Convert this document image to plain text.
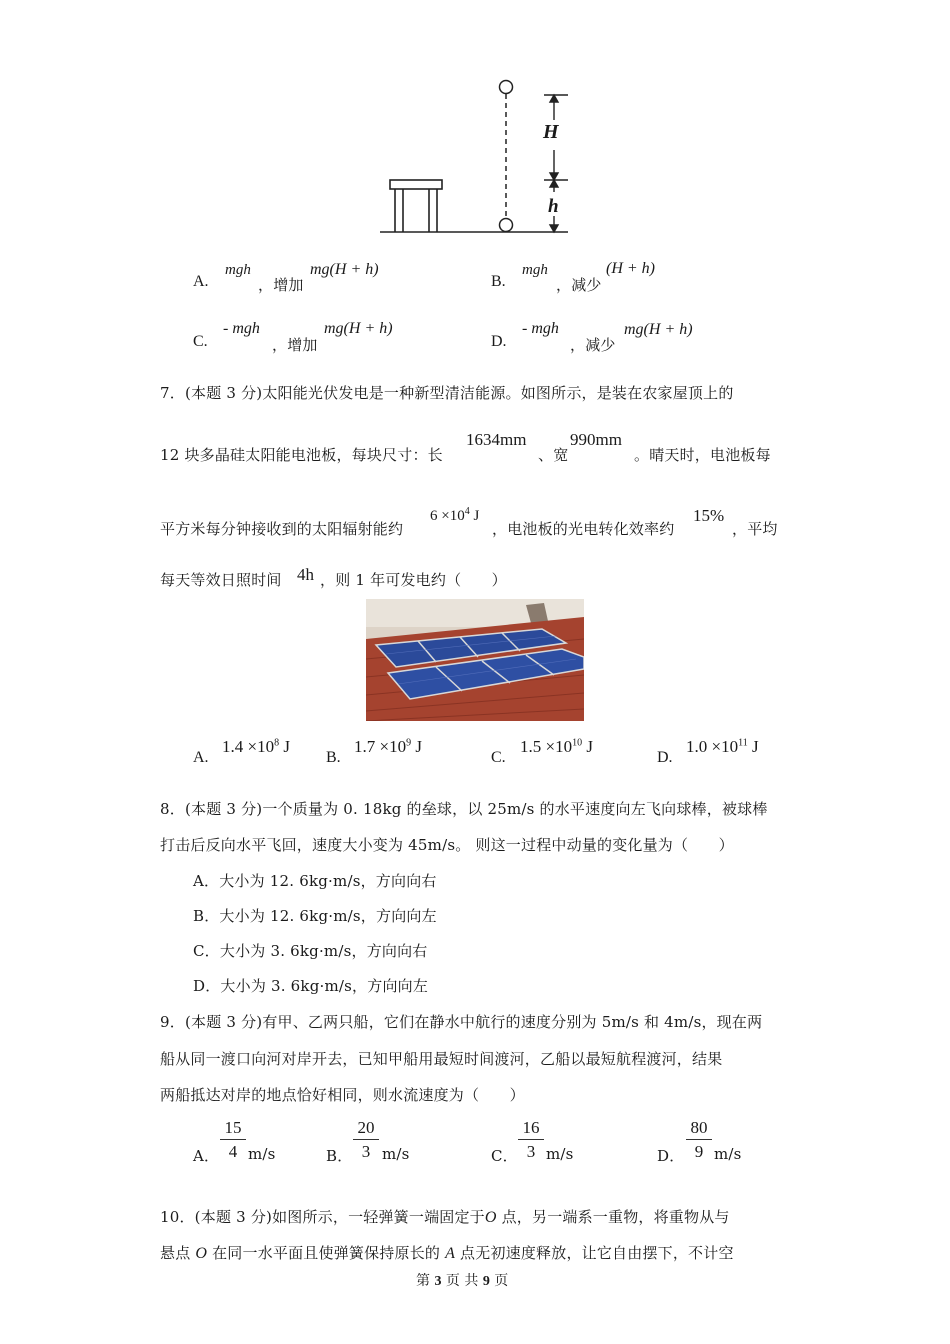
H
h
A.
mgh
，增加
mg(H + h)
B.
mgh
，减少
(H + h)
C.
- mgh
，增加
mg(H + h)
D.
- mgh
，减少
mg(H + h)
7．(本题 3 分)太阳能光伏发电是一种新型清洁能源。如图所示，是装在农家屋顶上的
12 块多晶硅太阳能电池板，每块尺寸：长
1634mm
、宽
990mm
。晴天时，电池板每
平方米每分钟接收到的太阳辐射能约
$6 \times 10^4$ J
，电池板的光电转化效率约
15%
，平均
每天等效日照时间 4h ，则 1 年可发电约（　　）
A.
$1.4 \times 10^8$ J
B.
$1.7 \times 10^9$ J
C.
$1.5 \times 10^{10}$ J
D.
$1.0 \times 10^{11}$ J
8．(本题 3 分)一个质量为 0. 18kg 的垒球，以 25m/s 的水平速度向左飞向球棒，被球棒
打击后反向水平飞回，速度大小变为 45m/s。 则这一过程中动量的变化量为（　　）
A．大小为 12. 6kg·m/s，方向向右
B．大小为 12. 6kg·m/s，方向向左
C．大小为 3. 6kg·m/s，方向向右
D．大小为 3. 6kg·m/s，方向向左
9．(本题 3 分)有甲、乙两只船，它们在静水中航行的速度分别为 5m/s 和 4m/s，现在两
船从同一渡口向河对岸开去，已知甲船用最短时间渡河，乙船以最短航程渡河，结果
两船抵达对岸的地点恰好相同，则水流速度为（　　）
A． $\frac{15}{4} m/s$	B． $\frac{20}{3} m/s$	C． $\frac{16}{3} m/s$	D． $\frac{80}{9} m/s$
10．(本题 3 分)如图所示，一轻弹簧一端固定于O 点，另一端系一重物，将重物从与
悬点 O 在同一水平面且使弹簧保持原长的 A 点无初速度释放，让它自由摆下，不计空
第 3 页 共 9 页
